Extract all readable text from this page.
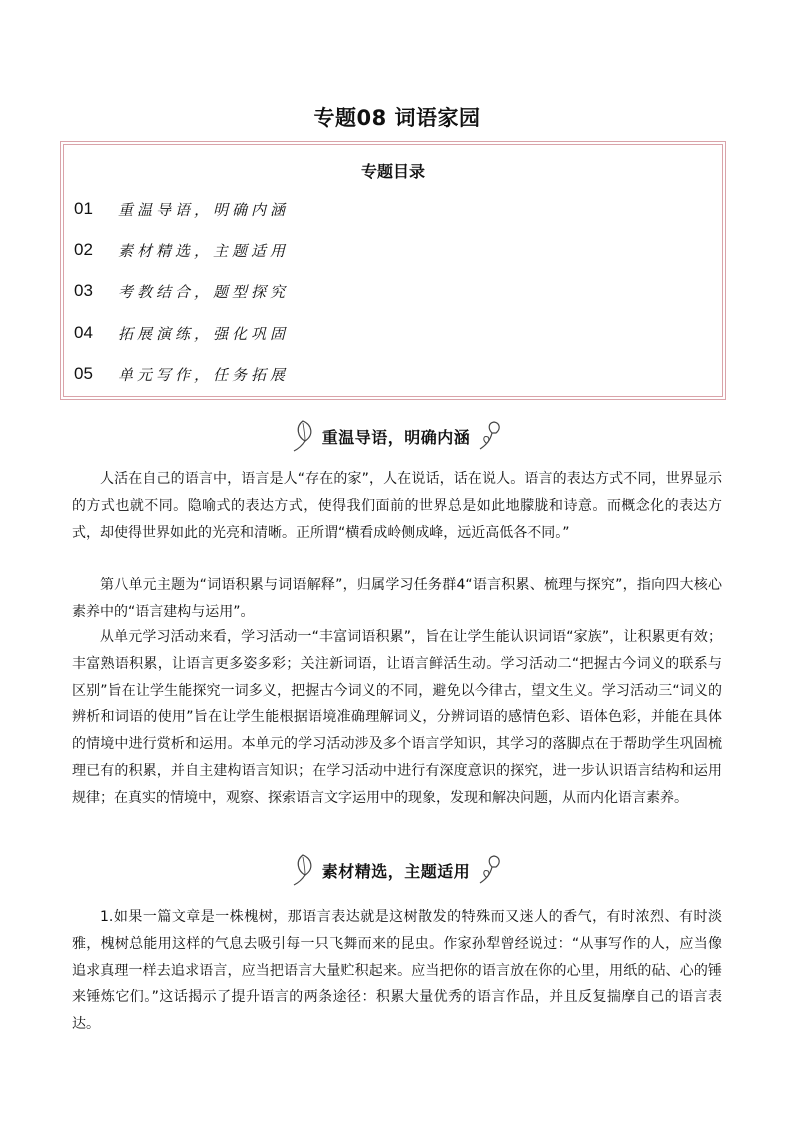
专题08 词语家园
专题目录
01	重温导语，明确内涵
02	素材精选，主题适用
03	考教结合，题型探究
04	拓展演练，强化巩固
05	单元写作，任务拓展
重温导语，明确内涵

人活在自己的语言中，语言是人“存在的家”，人在说话，话在说人。语言的表达方式不同，世界显示的方式也就不同。隐喻式的表达方式，使得我们面前的世界总是如此地朦胧和诗意。而概念化的表达方式，却使得世界如此的光亮和清晰。正所谓“横看成岭侧成峰，远近高低各不同。”

第八单元主题为“词语积累与词语解释”，归属学习任务群4“语言积累、梳理与探究”，指向四大核心素养中的“语言建构与运用”。

从单元学习活动来看，学习活动一“丰富词语积累”，旨在让学生能认识词语“家族”，让积累更有效；丰富熟语积累，让语言更多姿多彩；关注新词语，让语言鲜活生动。学习活动二“把握古今词义的联系与区别”旨在让学生能探究一词多义，把握古今词义的不同，避免以今律古，望文生义。学习活动三“词义的辨析和词语的使用”旨在让学生能根据语境准确理解词义，分辨词语的感情色彩、语体色彩，并能在具体的情境中进行赏析和运用。本单元的学习活动涉及多个语言学知识，其学习的落脚点在于帮助学生巩固梳理已有的积累，并自主建构语言知识；在学习活动中进行有深度意识的探究，进一步认识语言结构和运用规律；在真实的情境中，观察、探索语言文字运用中的现象，发现和解决问题，从而内化语言素养。

素材精选，主题适用

1.如果一篇文章是一株槐树，那语言表达就是这树散发的特殊而又迷人的香气，有时浓烈、有时淡雅，槐树总能用这样的气息去吸引每一只飞舞而来的昆虫。作家孙犁曾经说过：“从事写作的人，应当像追求真理一样去追求语言，应当把语言大量贮积起来。应当把你的语言放在你的心里，用纸的砧、心的锤来锤炼它们。”这话揭示了提升语言的两条途径：积累大量优秀的语言作品，并且反复揣摩自己的语言表达。
